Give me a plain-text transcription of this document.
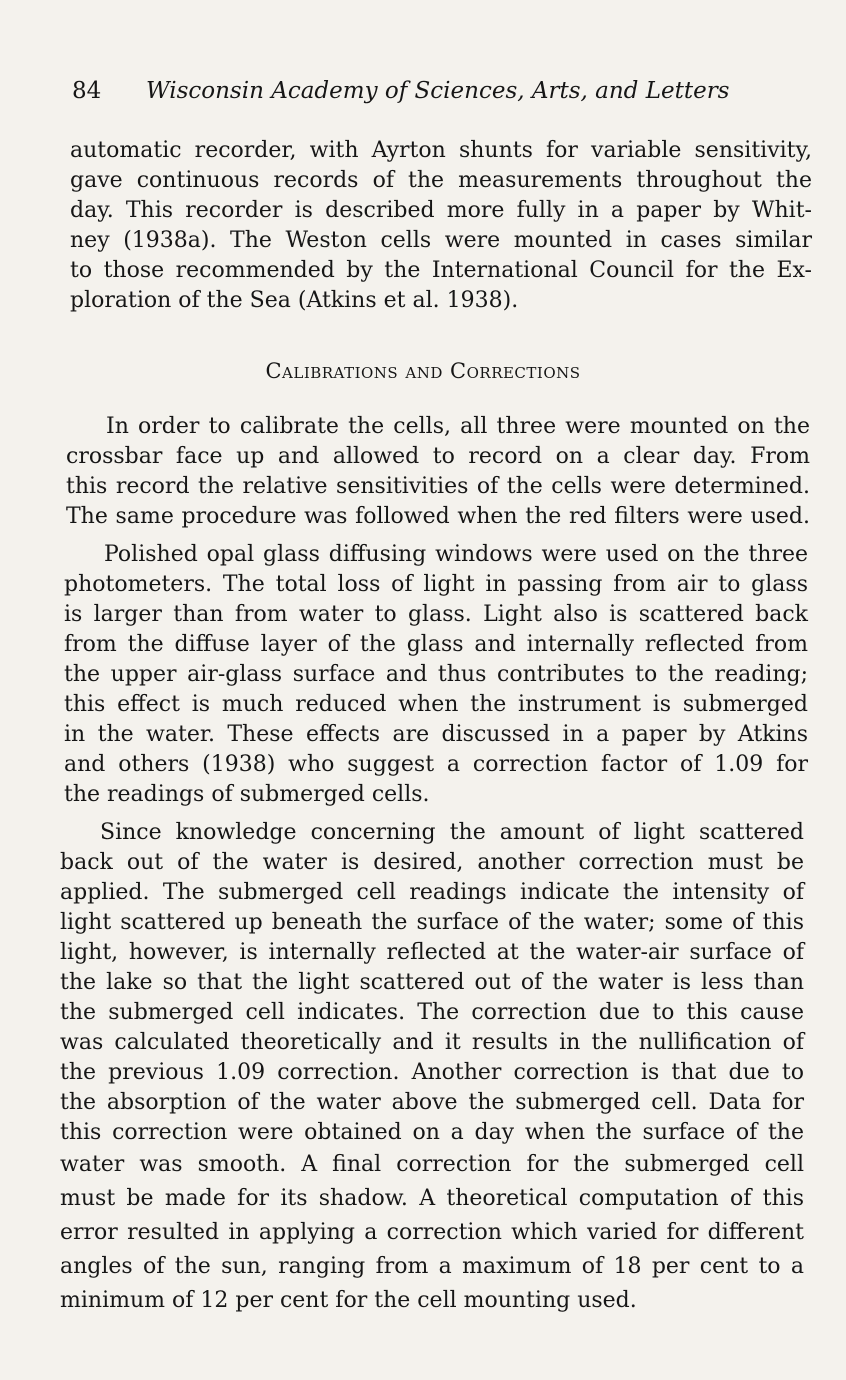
84 Wisconsin Academy of Sciences, Arts, and Letters
automatic recorder, with Ayrton shunts for variable sensitivity,
gave continuous records of the measurements throughout the
day. This recorder is described more fully in a paper by Whit-
ney (1938a). The Weston cells were mounted in cases similar
to those recommended by the International Council for the Ex-
ploration of the Sea (Atkins et al. 1938).
Calibrations and Corrections
In order to calibrate the cells, all three were mounted on the
crossbar face up and allowed to record on a clear day. From
this record the relative sensitivities of the cells were determined.
The same procedure was followed when the red filters were used.
Polished opal glass diffusing windows were used on the three
photometers. The total loss of light in passing from air to glass
is larger than from water to glass. Light also is scattered back
from the diffuse layer of the glass and internally reflected from
the upper air-glass surface and thus contributes to the reading;
this effect is much reduced when the instrument is submerged
in the water. These effects are discussed in a paper by Atkins
and others (1938) who suggest a correction factor of 1.09 for
the readings of submerged cells.
Since knowledge concerning the amount of light scattered
back out of the water is desired, another correction must be
applied. The submerged cell readings indicate the intensity of
light scattered up beneath the surface of the water; some of this
light, however, is internally reflected at the water-air surface of
the lake so that the light scattered out of the water is less than
the submerged cell indicates. The correction due to this cause
was calculated theoretically and it results in the nullification of
the previous 1.09 correction. Another correction is that due to
the absorption of the water above the submerged cell. Data for
this correction were obtained on a day when the surface of the
water was smooth. A final correction for the submerged cell
must be made for its shadow. A theoretical computation of this
error resulted in applying a correction which varied for different
angles of the sun, ranging from a maximum of 18 per cent to a
minimum of 12 per cent for the cell mounting used.
